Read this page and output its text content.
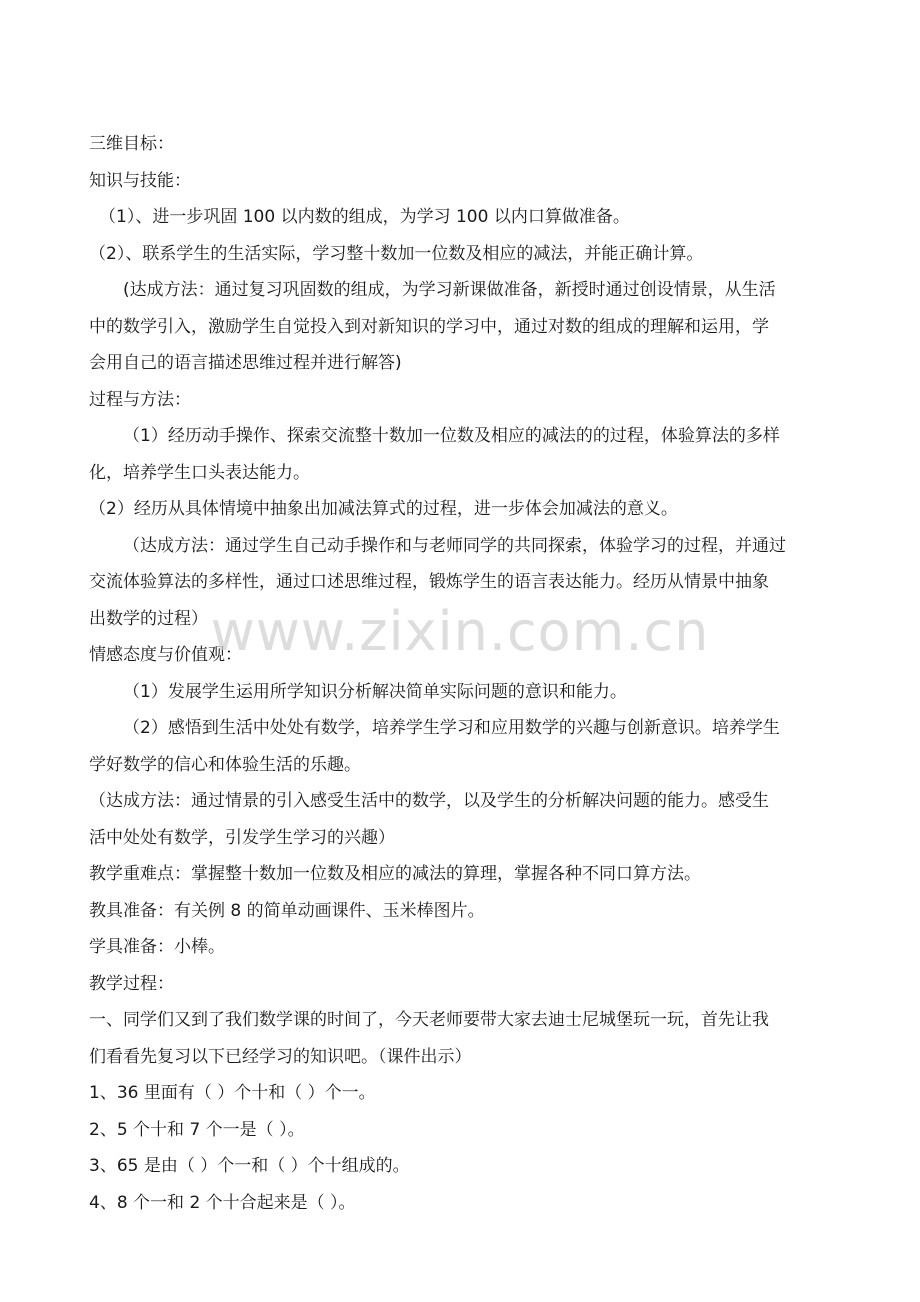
三维目标：
知识与技能：
（1）、进一步巩固 100 以内数的组成，为学习 100 以内口算做准备。
（2）、联系学生的生活实际，学习整十数加一位数及相应的减法，并能正确计算。
(达成方法：通过复习巩固数的组成，为学习新课做准备，新授时通过创设情景，从生活
中的数学引入，激励学生自觉投入到对新知识的学习中，通过对数的组成的理解和运用，学
会用自己的语言描述思维过程并进行解答)
过程与方法：
（1）经历动手操作、探索交流整十数加一位数及相应的减法的的过程，体验算法的多样
化，培养学生口头表达能力。
（2）经历从具体情境中抽象出加减法算式的过程，进一步体会加减法的意义。
（达成方法：通过学生自己动手操作和与老师同学的共同探索，体验学习的过程，并通过
交流体验算法的多样性，通过口述思维过程，锻炼学生的语言表达能力。经历从情景中抽象
出数学的过程）
情感态度与价值观：
（1）发展学生运用所学知识分析解决简单实际问题的意识和能力。
（2）感悟到生活中处处有数学，培养学生学习和应用数学的兴趣与创新意识。培养学生
学好数学的信心和体验生活的乐趣。
（达成方法：通过情景的引入感受生活中的数学，以及学生的分析解决问题的能力。感受生
活中处处有数学，引发学生学习的兴趣）
教学重难点：掌握整十数加一位数及相应的减法的算理，掌握各种不同口算方法。
教具准备：有关例 8 的简单动画课件、玉米棒图片。
学具准备：小棒。
教学过程：
一、同学们又到了我们数学课的时间了，今天老师要带大家去迪士尼城堡玩一玩，首先让我
们看看先复习以下已经学习的知识吧。（课件出示）
1、36 里面有（ ）个十和（ ）个一。
2、5 个十和 7 个一是（ ）。
3、65 是由（ ）个一和（ ）个十组成的。
4、8 个一和 2 个十合起来是（ ）。
www.zixin.com.cn
